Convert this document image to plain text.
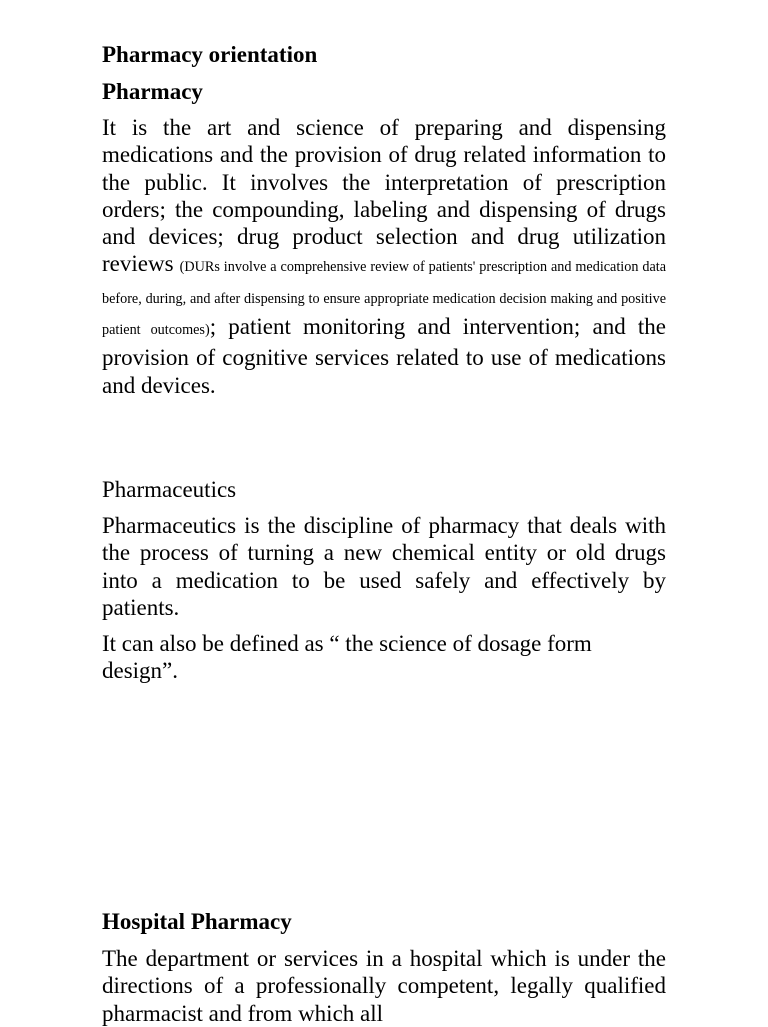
Pharmacy orientation

Pharmacy

It is the art and science of preparing and dispensing medications and the provision of drug related information to the public. It involves the interpretation of prescription orders; the compounding, labeling and dispensing of drugs and devices; drug product selection and drug utilization reviews (DURs involve a comprehensive review of patients' prescription and medication data before, during, and after dispensing to ensure appropriate medication decision making and positive patient outcomes); patient monitoring and intervention; and the provision of cognitive services related to use of medications and devices.

Pharmaceutics

Pharmaceutics is the discipline of pharmacy that deals with the process of turning a new chemical entity or old drugs into a medication to be used safely and effectively by patients.

It can also be defined as “ the science of dosage form design”.

Hospital Pharmacy

The department or services in a hospital which is under the directions of a professionally competent, legally qualified pharmacist and from which all
